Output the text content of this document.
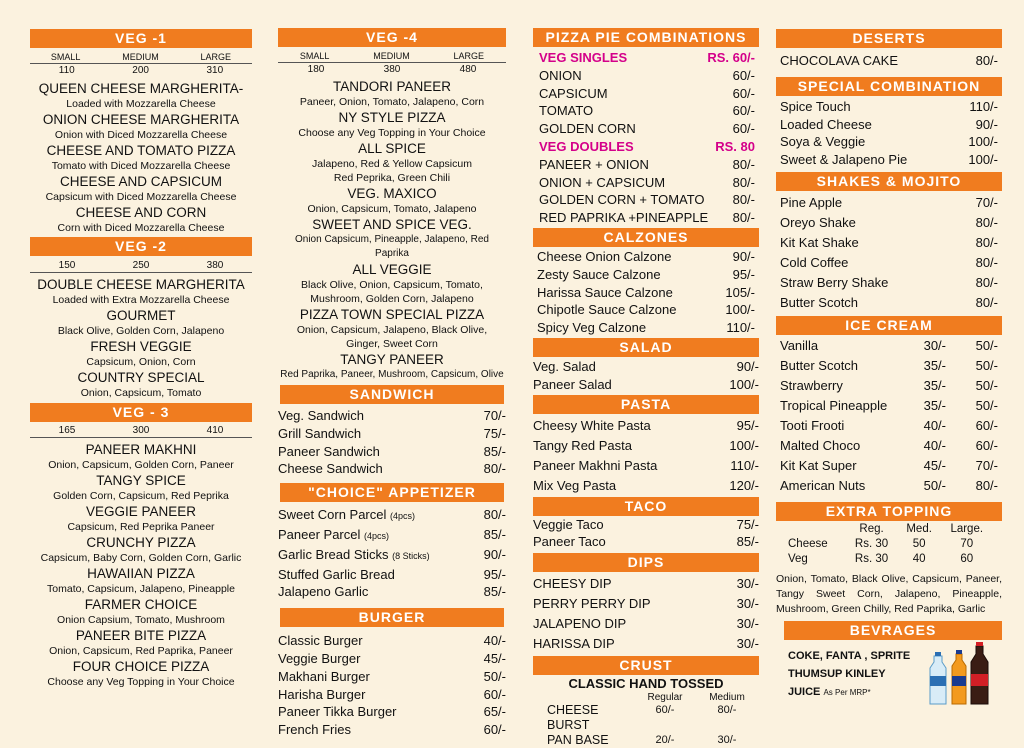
VEG -1
SMALL	MEDIUM	LARGE
110	200	310
QUEEN CHEESE MARGHERITA-
Loaded with Mozzarella Cheese
ONION CHEESE MARGHERITA
Onion with Diced Mozzarella Cheese
CHEESE AND TOMATO PIZZA
Tomato with Diced Mozzarella Cheese
CHEESE AND CAPSICUM
Capsicum with Diced Mozzarella Cheese
CHEESE AND CORN
Corn with Diced Mozzarella Cheese
VEG -2
150	250	380
DOUBLE CHEESE MARGHERITA
Loaded with Extra Mozzarella Cheese
GOURMET
Black Olive, Golden Corn, Jalapeno
FRESH VEGGIE
Capsicum, Onion, Corn
COUNTRY SPECIAL
Onion, Capsicum, Tomato
VEG - 3
165	300	410
PANEER MAKHNI
Onion, Capsicum, Golden Corn, Paneer
TANGY SPICE
Golden Corn, Capsicum, Red Peprika
VEGGIE PANEER
Capsicum, Red Peprika Paneer
CRUNCHY PIZZA
Capsicum, Baby Corn, Golden Corn, Garlic
HAWAIIAN PIZZA
Tomato, Capsicum, Jalapeno, Pineapple
FARMER CHOICE
Onion Capsium, Tomato, Mushroom
PANEER BITE PIZZA
Onion, Capsicum, Red Paprika, Paneer
FOUR CHOICE PIZZA
Choose any Veg Topping in Your Choice
VEG -4
SMALL	MEDIUM	LARGE
180	380	480
TANDORI PANEER
Paneer, Onion, Tomato, Jalapeno, Corn
NY STYLE PIZZA
Choose any Veg Topping in Your Choice
ALL SPICE
Jalapeno, Red & Yellow Capsicum
Red Peprika, Green Chili
VEG. MAXICO
Onion, Capsicum, Tomato, Jalapeno
SWEET AND SPICE VEG.
Onion Capsicum, Pineapple, Jalapeno, Red Paprika
ALL VEGGIE
Black Olive, Onion, Capsicum, Tomato,
Mushroom, Golden Corn, Jalapeno
PIZZA TOWN SPECIAL PIZZA
Onion, Capsicum, Jalapeno, Black Olive,
Ginger, Sweet Corn
TANGY PANEER
Red Paprika, Paneer, Mushroom, Capsicum, Olive
SANDWICH
Veg. Sandwich	70/-
Grill Sandwich	75/-
Paneer Sandwich	85/-
Cheese Sandwich	80/-
"CHOICE" APPETIZER
Sweet Corn Parcel (4pcs)	80/-
Paneer Parcel (4pcs)	85/-
Garlic Bread Sticks (8 Sticks)	90/-
Stuffed Garlic Bread	95/-
Jalapeno Garlic	85/-
BURGER
Classic Burger	40/-
Veggie Burger	45/-
Makhani Burger	50/-
Harisha Burger	60/-
Paneer Tikka Burger	65/-
French Fries	60/-
PIZZA PIE COMBINATIONS
VEG SINGLES	RS. 60/-
ONION	60/-
CAPSICUM	60/-
TOMATO	60/-
GOLDEN CORN	60/-
VEG DOUBLES	RS. 80
PANEER + ONION	80/-
ONION + CAPSICUM	80/-
GOLDEN CORN + TOMATO 80/-
RED PAPRIKA +PINEAPPLE 80/-
CALZONES
Cheese Onion Calzone	90/-
Zesty Sauce Calzone	95/-
Harissa Sauce Calzone	105/-
Chipotle Sauce Calzone	100/-
Spicy Veg Calzone	110/-
SALAD
Veg. Salad	90/-
Paneer Salad	100/-
PASTA
Cheesy White Pasta	95/-
Tangy Red Pasta	100/-
Paneer Makhni Pasta	110/-
Mix Veg Pasta	120/-
TACO
Veggie Taco	75/-
Paneer Taco	85/-
DIPS
CHEESY DIP	30/-
PERRY PERRY DIP	30/-
JALAPENO DIP	30/-
HARISSA DIP	30/-
CRUST
CLASSIC HAND TOSSED
Regular	Medium
CHEESE BURST
60/-	80/-
PAN BASE	20/-	30/-
DESERTS
CHOCOLAVA CAKE	80/-
SPECIAL COMBINATION
Spice Touch	110/-
Loaded Cheese	90/-
Soya & Veggie	100/-
Sweet & Jalapeno Pie	100/-
SHAKES & MOJITO
Pine Apple	70/-
Oreyo Shake	80/-
Kit Kat Shake	80/-
Cold Coffee	80/-
Straw Berry Shake	80/-
Butter Scotch	80/-
ICE CREAM
Vanilla	30/-	50/-
Butter Scotch	35/-	50/-
Strawberry	35/-	50/-
Tropical Pineapple	35/-	50/-
Tooti Frooti	40/-	60/-
Malted Choco	40/-	60/-
Kit Kat Super	45/-	70/-
American Nuts	50/-	80/-
EXTRA TOPPING
Reg.	Med.	Large.
Cheese	Rs. 30	50	70
Veg	Rs. 30	40	60
Onion, Tomato, Black Olive, Capsicum, Paneer, Tangy Sweet Corn, Jalapeno, Pineapple, Mushroom, Green Chilly, Red Paprika, Garlic
BEVRAGES
COKE, FANTA , SPRITE
THUMSUP KINLEY
JUICE As Per MRP*
